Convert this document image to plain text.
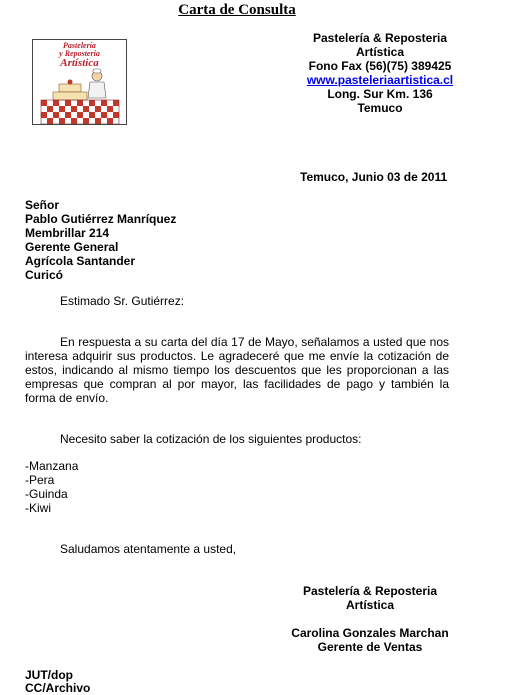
Carta de Consulta
Pastelería
y Reposteria
Artística
Pastelería & Reposteria
Artística
Fono Fax (56)(75) 389425
www.pasteleriaartistica.cl
Long. Sur Km. 136
Temuco
Temuco, Junio 03 de 2011
Señor
Pablo Gutiérrez Manríquez
Membrillar 214
Gerente General
Agrícola Santander
Curicó
Estimado Sr. Gutiérrez:
En respuesta a su carta del día 17 de Mayo, señalamos a usted que nos interesa adquirir sus productos. Le agradeceré que me envíe la cotización de estos, indicando al mismo tiempo los descuentos que les proporcionan a las empresas que compran al por mayor, las facilidades de pago y también la forma de envío.
Necesito saber la cotización de los siguientes productos:
-Manzana
-Pera
-Guinda
-Kiwi
Saludamos atentamente a usted,
Pastelería & Reposteria
Artística
Carolina Gonzales Marchan
Gerente de Ventas
JUT/dop
CC/Archivo
